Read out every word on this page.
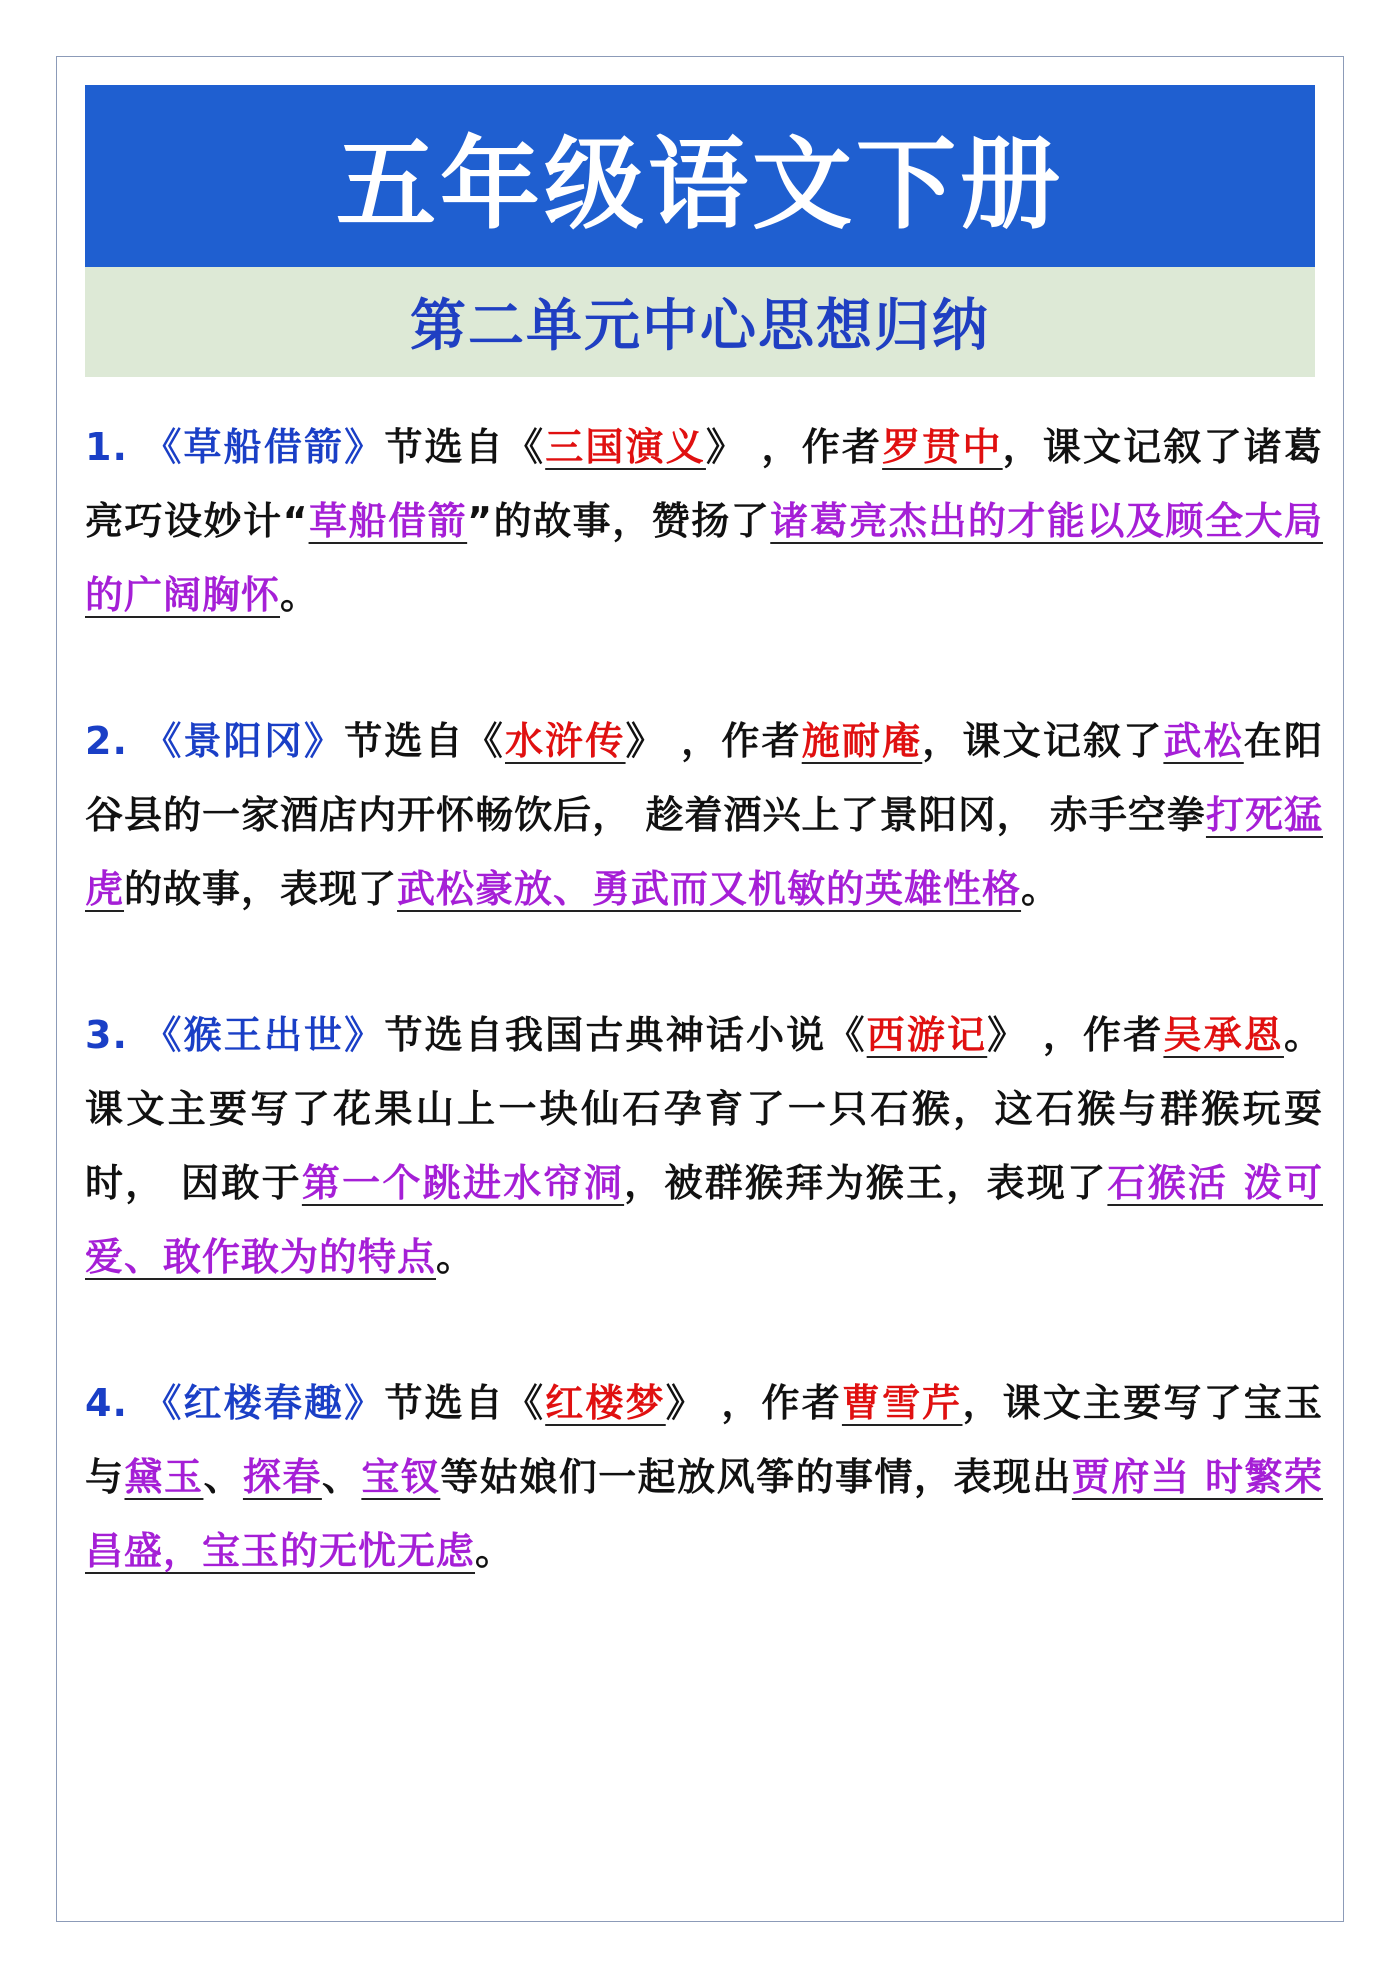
五年级语文下册
第二单元中心思想归纳

1. 《草船借箭》节选自《三国演义》 ，作者罗贯中，课文记叙了诸葛亮巧设妙计“草船借箭”的故事，赞扬了诸葛亮杰出的才能以及顾全大局的广阔胸怀。

2. 《景阳冈》节选自《水浒传》 ，作者施耐庵，课文记叙了武松在阳谷县的一家酒店内开怀畅饮后， 趁着酒兴上了景阳冈， 赤手空拳打死猛虎的故事，表现了武松豪放、勇武而又机敏的英雄性格。

3. 《猴王出世》节选自我国古典神话小说《西游记》 ，作者吴承恩。课文主要写了花果山上一块仙石孕育了一只石猴，这石猴与群猴玩耍时， 因敢于第一个跳进水帘洞，被群猴拜为猴王，表现了石猴活 泼可爱、敢作敢为的特点。

4. 《红楼春趣》节选自《红楼梦》 ，作者曹雪芹，课文主要写了宝玉与黛玉、探春、宝钗等姑娘们一起放风筝的事情，表现出贾府当 时繁荣昌盛，宝玉的无忧无虑。
